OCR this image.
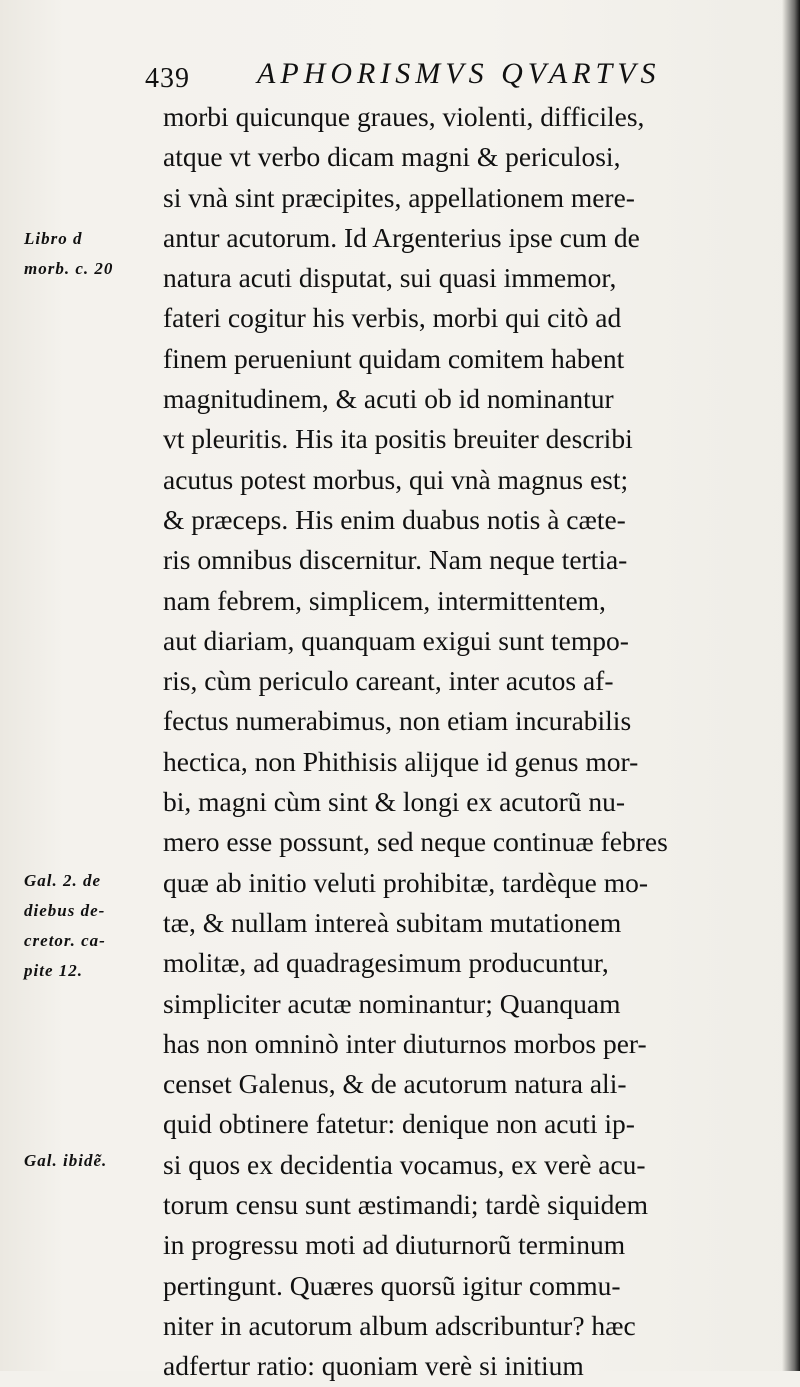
439 APHORISMVS QVARTVS
Libro d
morb. c. 20
Gal. 2. de
diebus de-
cretor. ca-
pite 12.
Gal. ibidẽ.
morbi quicunque graues, violenti, difficiles,
atque vt verbo dicam magni & periculosi,
si vnà sint præcipites, appellationem mere-
antur acutorum. Id Argenterius ipse cum de
natura acuti disputat, sui quasi immemor,
fateri cogitur his verbis, morbi qui citò ad
finem perueniunt quidam comitem habent
magnitudinem, & acuti ob id nominantur
vt pleuritis. His ita positis breuiter describi
acutus potest morbus, qui vnà magnus est;
& præceps. His enim duabus notis à cæte-
ris omnibus discernitur. Nam neque tertia-
nam febrem, simplicem, intermittentem,
aut diariam, quanquam exigui sunt tempo-
ris, cùm periculo careant, inter acutos af-
fectus numerabimus, non etiam incurabilis
hectica, non Phithisis alijque id genus mor-
bi, magni cùm sint & longi ex acutorũ nu-
mero esse possunt, sed neque continuæ febres
quæ ab initio veluti prohibitæ, tardèque mo-
tæ, & nullam intereà subitam mutationem
molitæ, ad quadragesimum producuntur,
simpliciter acutæ nominantur; Quanquam
has non omninò inter diuturnos morbos per-
censet Galenus, & de acutorum natura ali-
quid obtinere fatetur: denique non acuti ip-
si quos ex decidentia vocamus, ex verè acu-
torum censu sunt æstimandi; tardè siquidem
in progressu moti ad diuturnorũ terminum
pertingunt. Quæres quorsũ igitur commu-
niter in acutorum album adscribuntur? hæc
adfertur ratio: quoniam verè si initium
